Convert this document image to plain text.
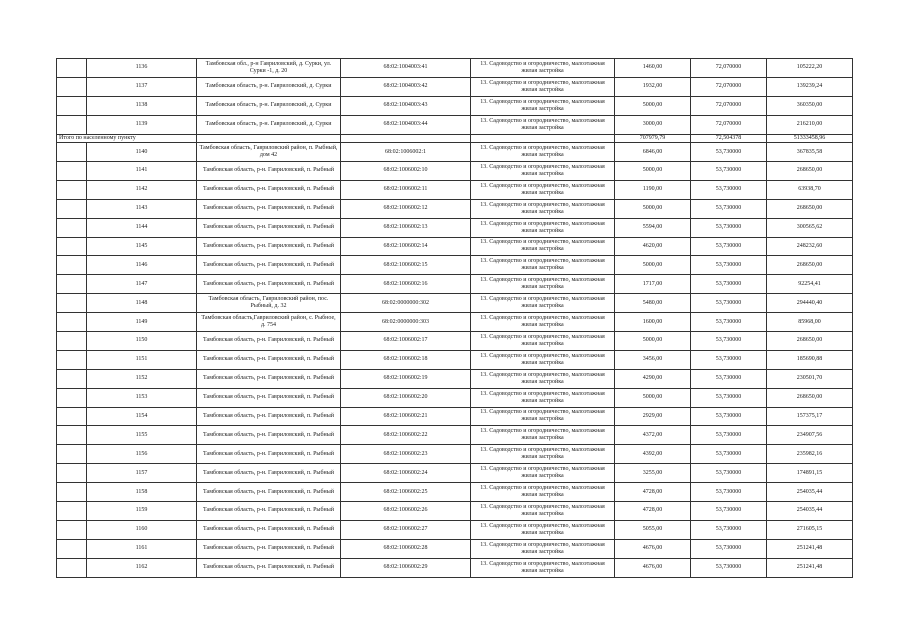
	1136	Тамбовская обл., р-н Гавриловский, д. Сурки, ул. Сурки -1, д. 20	68:02:1004003:41	13. Садоводство и огородничество, малоэтажная жилая застройка	1460,00	72,070000	105222,20
	1137	Тамбовская область, р-н. Гавриловский, д. Сурки	68:02:1004003:42	13. Садоводство и огородничество, малоэтажная жилая застройка	1932,00	72,070000	139239,24
	1138	Тамбовская область, р-н. Гавриловский, д. Сурки	68:02:1004003:43	13. Садоводство и огородничество, малоэтажная жилая застройка	5000,00	72,070000	360350,00
	1139	Тамбовская область, р-н. Гавриловский, д. Сурки	68:02:1004003:44	13. Садоводство и огородничество, малоэтажная жилая застройка	3000,00	72,070000	216210,00
Итого по населенному пункту					707979,79	72,504378	51333458,96
	1140	Тамбовская область, Гавриловский район, п. Рыбный, дом 42	68:02:1006002:1	13. Садоводство и огородничество, малоэтажная жилая застройка	6846,00	53,730000	367835,58
	1141	Тамбовская область, р-н. Гавриловский, п. Рыбный	68:02:1006002:10	13. Садоводство и огородничество, малоэтажная жилая застройка	5000,00	53,730000	268650,00
	1142	Тамбовская область, р-н. Гавриловский, п. Рыбный	68:02:1006002:11	13. Садоводство и огородничество, малоэтажная жилая застройка	1190,00	53,730000	63938,70
	1143	Тамбовская область, р-н. Гавриловский, п. Рыбный	68:02:1006002:12	13. Садоводство и огородничество, малоэтажная жилая застройка	5000,00	53,730000	268650,00
	1144	Тамбовская область, р-н. Гавриловский, п. Рыбный	68:02:1006002:13	13. Садоводство и огородничество, малоэтажная жилая застройка	5594,00	53,730000	300565,62
	1145	Тамбовская область, р-н. Гавриловский, п. Рыбный	68:02:1006002:14	13. Садоводство и огородничество, малоэтажная жилая застройка	4620,00	53,730000	248232,60
	1146	Тамбовская область, р-н. Гавриловский, п. Рыбный	68:02:1006002:15	13. Садоводство и огородничество, малоэтажная жилая застройка	5000,00	53,730000	268650,00
	1147	Тамбовская область, р-н. Гавриловский, п. Рыбный	68:02:1006002:16	13. Садоводство и огородничество, малоэтажная жилая застройка	1717,00	53,730000	92254,41
	1148	Тамбовская область, Гавриловский район, пос. Рыбный, д. 32	68:02:0000000:302	13. Садоводство и огородничество, малоэтажная жилая застройка	5480,00	53,730000	294440,40
	1149	Тамбовская область,Гавриловский район, с. Рыбное, д. 754	68:02:0000000:303	13. Садоводство и огородничество, малоэтажная жилая застройка	1600,00	53,730000	85968,00
	1150	Тамбовская область, р-н. Гавриловский, п. Рыбный	68:02:1006002:17	13. Садоводство и огородничество, малоэтажная жилая застройка	5000,00	53,730000	268650,00
	1151	Тамбовская область, р-н. Гавриловский, п. Рыбный	68:02:1006002:18	13. Садоводство и огородничество, малоэтажная жилая застройка	3456,00	53,730000	185690,88
	1152	Тамбовская область, р-н. Гавриловский, п. Рыбный	68:02:1006002:19	13. Садоводство и огородничество, малоэтажная жилая застройка	4290,00	53,730000	230501,70
	1153	Тамбовская область, р-н. Гавриловский, п. Рыбный	68:02:1006002:20	13. Садоводство и огородничество, малоэтажная жилая застройка	5000,00	53,730000	268650,00
	1154	Тамбовская область, р-н. Гавриловский, п. Рыбный	68:02:1006002:21	13. Садоводство и огородничество, малоэтажная жилая застройка	2929,00	53,730000	157375,17
	1155	Тамбовская область, р-н. Гавриловский, п. Рыбный	68:02:1006002:22	13. Садоводство и огородничество, малоэтажная жилая застройка	4372,00	53,730000	234907,56
	1156	Тамбовская область, р-н. Гавриловский, п. Рыбный	68:02:1006002:23	13. Садоводство и огородничество, малоэтажная жилая застройка	4392,00	53,730000	235982,16
	1157	Тамбовская область, р-н. Гавриловский, п. Рыбный	68:02:1006002:24	13. Садоводство и огородничество, малоэтажная жилая застройка	3255,00	53,730000	174891,15
	1158	Тамбовская область, р-н. Гавриловский, п. Рыбный	68:02:1006002:25	13. Садоводство и огородничество, малоэтажная жилая застройка	4728,00	53,730000	254035,44
	1159	Тамбовская область, р-н. Гавриловский, п. Рыбный	68:02:1006002:26	13. Садоводство и огородничество, малоэтажная жилая застройка	4728,00	53,730000	254035,44
	1160	Тамбовская область, р-н. Гавриловский, п. Рыбный	68:02:1006002:27	13. Садоводство и огородничество, малоэтажная жилая застройка	5055,00	53,730000	271605,15
	1161	Тамбовская область, р-н. Гавриловский, п. Рыбный	68:02:1006002:28	13. Садоводство и огородничество, малоэтажная жилая застройка	4676,00	53,730000	251241,48
	1162	Тамбовская область, р-н. Гавриловский, п. Рыбный	68:02:1006002:29	13. Садоводство и огородничество, малоэтажная жилая застройка	4676,00	53,730000	251241,48
